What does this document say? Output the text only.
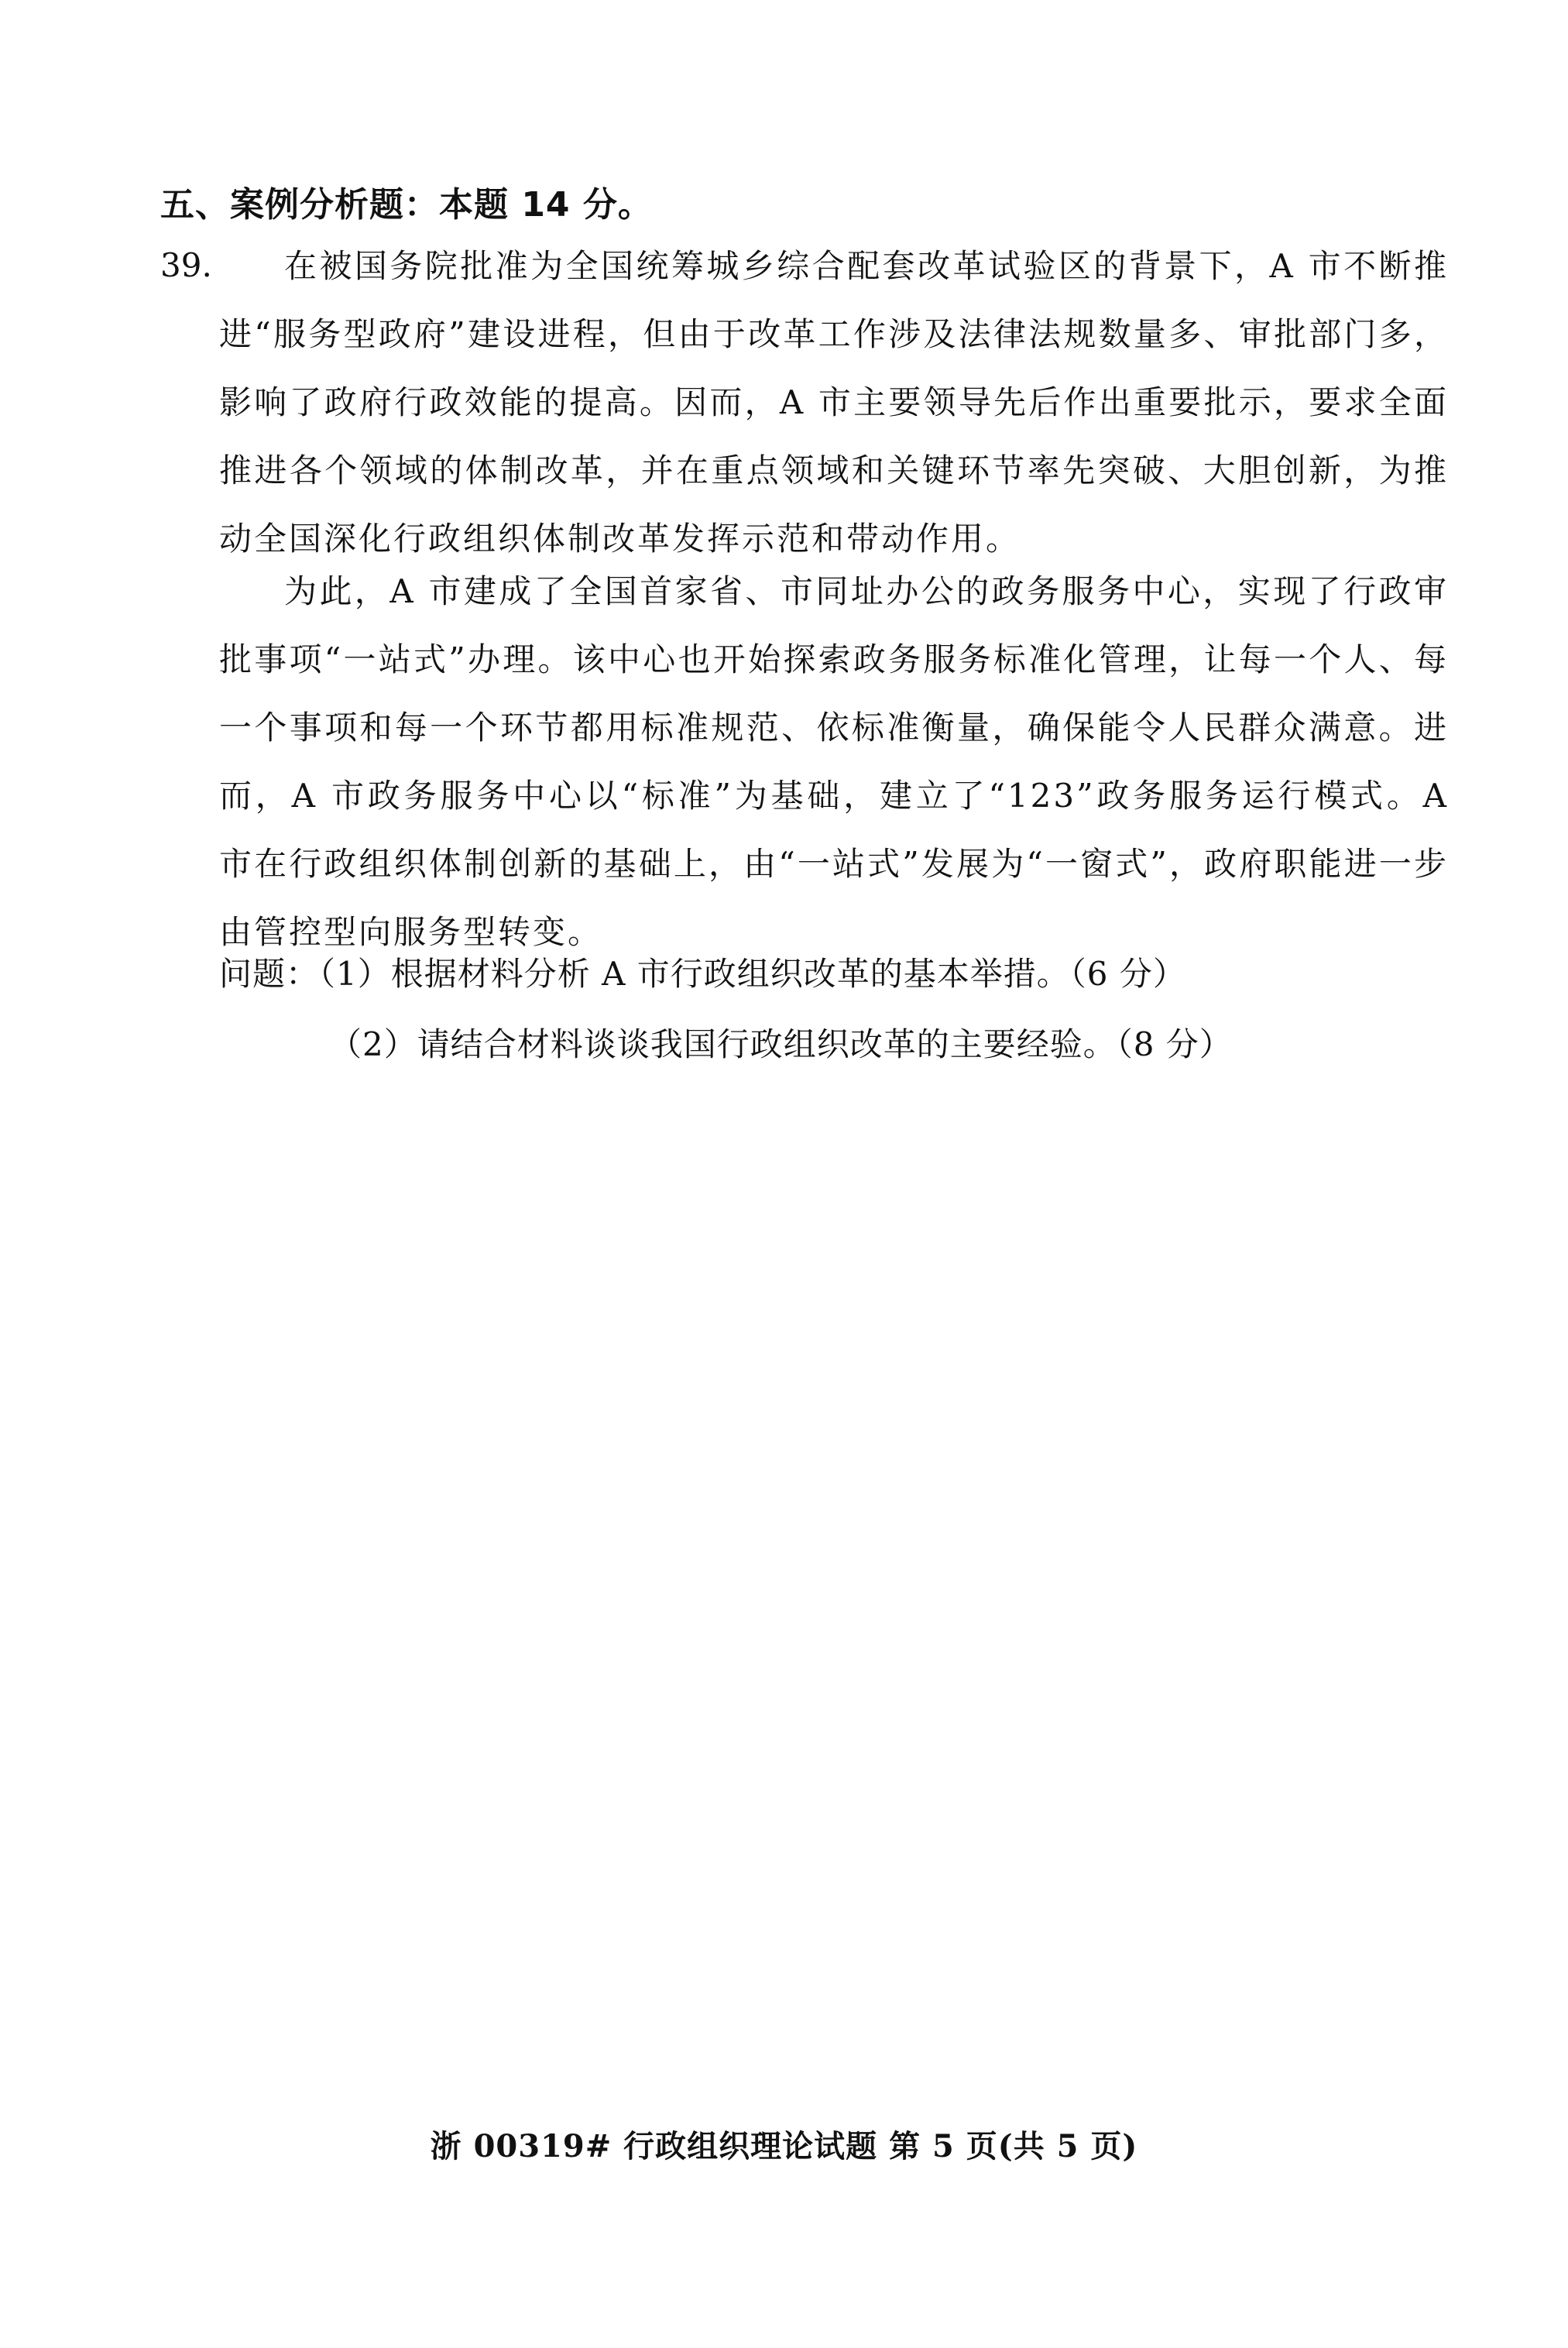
五、案例分析题：本题 14 分。
39.	在被国务院批准为全国统筹城乡综合配套改革试验区的背景下，A 市不断推进“服务型政府”建设进程，但由于改革工作涉及法律法规数量多、审批部门多，影响了政府行政效能的提高。因而，A 市主要领导先后作出重要批示，要求全面推进各个领域的体制改革，并在重点领域和关键环节率先突破、大胆创新，为推动全国深化行政组织体制改革发挥示范和带动作用。

为此，A 市建成了全国首家省、市同址办公的政务服务中心，实现了行政审批事项“一站式”办理。该中心也开始探索政务服务标准化管理，让每一个人、每一个事项和每一个环节都用标准规范、依标准衡量，确保能令人民群众满意。进而，A 市政务服务中心以“标准”为基础，建立了“123”政务服务运行模式。A 市在行政组织体制创新的基础上，由“一站式”发展为“一窗式”，政府职能进一步由管控型向服务型转变。

问题：（1）根据材料分析 A 市行政组织改革的基本举措。（6 分）
（2）请结合材料谈谈我国行政组织改革的主要经验。（8 分）
浙 00319# 行政组织理论试题 第 5 页(共 5 页)
